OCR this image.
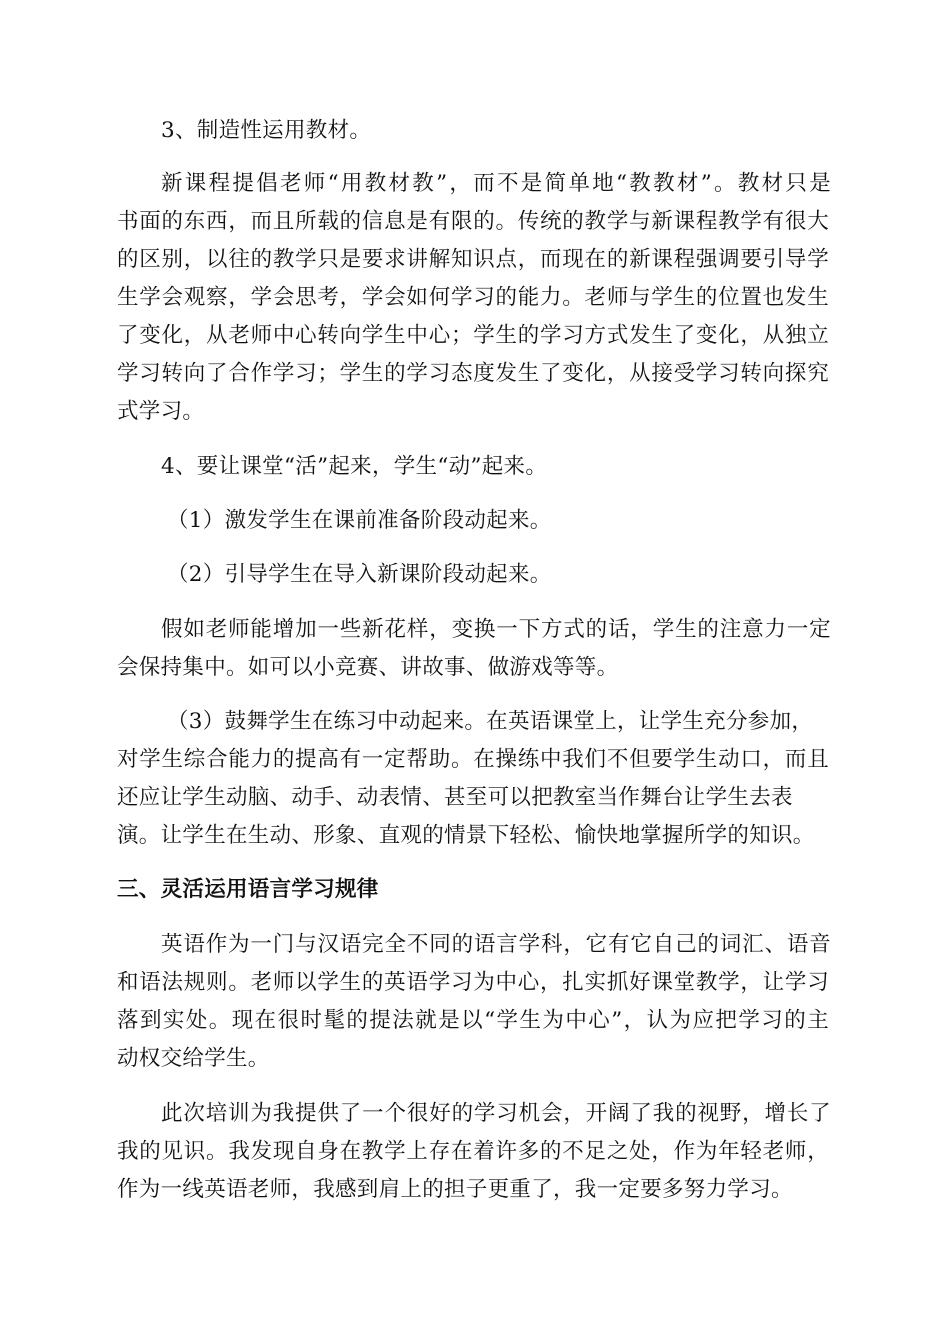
3、制造性运用教材。
新课程提倡老师“用教材教”，而不是简单地“教教材”。教材只是
书面的东西，而且所载的信息是有限的。传统的教学与新课程教学有很大
的区别，以往的教学只是要求讲解知识点，而现在的新课程强调要引导学
生学会观察，学会思考，学会如何学习的能力。老师与学生的位置也发生
了变化，从老师中心转向学生中心；学生的学习方式发生了变化，从独立
学习转向了合作学习；学生的学习态度发生了变化，从接受学习转向探究
式学习。
4、要让课堂“活”起来，学生“动”起来。
（1）激发学生在课前准备阶段动起来。
（2）引导学生在导入新课阶段动起来。
假如老师能增加一些新花样，变换一下方式的话，学生的注意力一定
会保持集中。如可以小竞赛、讲故事、做游戏等等。
（3）鼓舞学生在练习中动起来。在英语课堂上，让学生充分参加，
对学生综合能力的提高有一定帮助。在操练中我们不但要学生动口，而且
还应让学生动脑、动手、动表情、甚至可以把教室当作舞台让学生去表
演。让学生在生动、形象、直观的情景下轻松、愉快地掌握所学的知识。
三、灵活运用语言学习规律
英语作为一门与汉语完全不同的语言学科，它有它自己的词汇、语音
和语法规则。老师以学生的英语学习为中心，扎实抓好课堂教学，让学习
落到实处。现在很时髦的提法就是以“学生为中心”，认为应把学习的主
动权交给学生。
此次培训为我提供了一个很好的学习机会，开阔了我的视野，增长了
我的见识。我发现自身在教学上存在着许多的不足之处，作为年轻老师，
作为一线英语老师，我感到肩上的担子更重了，我一定要多努力学习。
